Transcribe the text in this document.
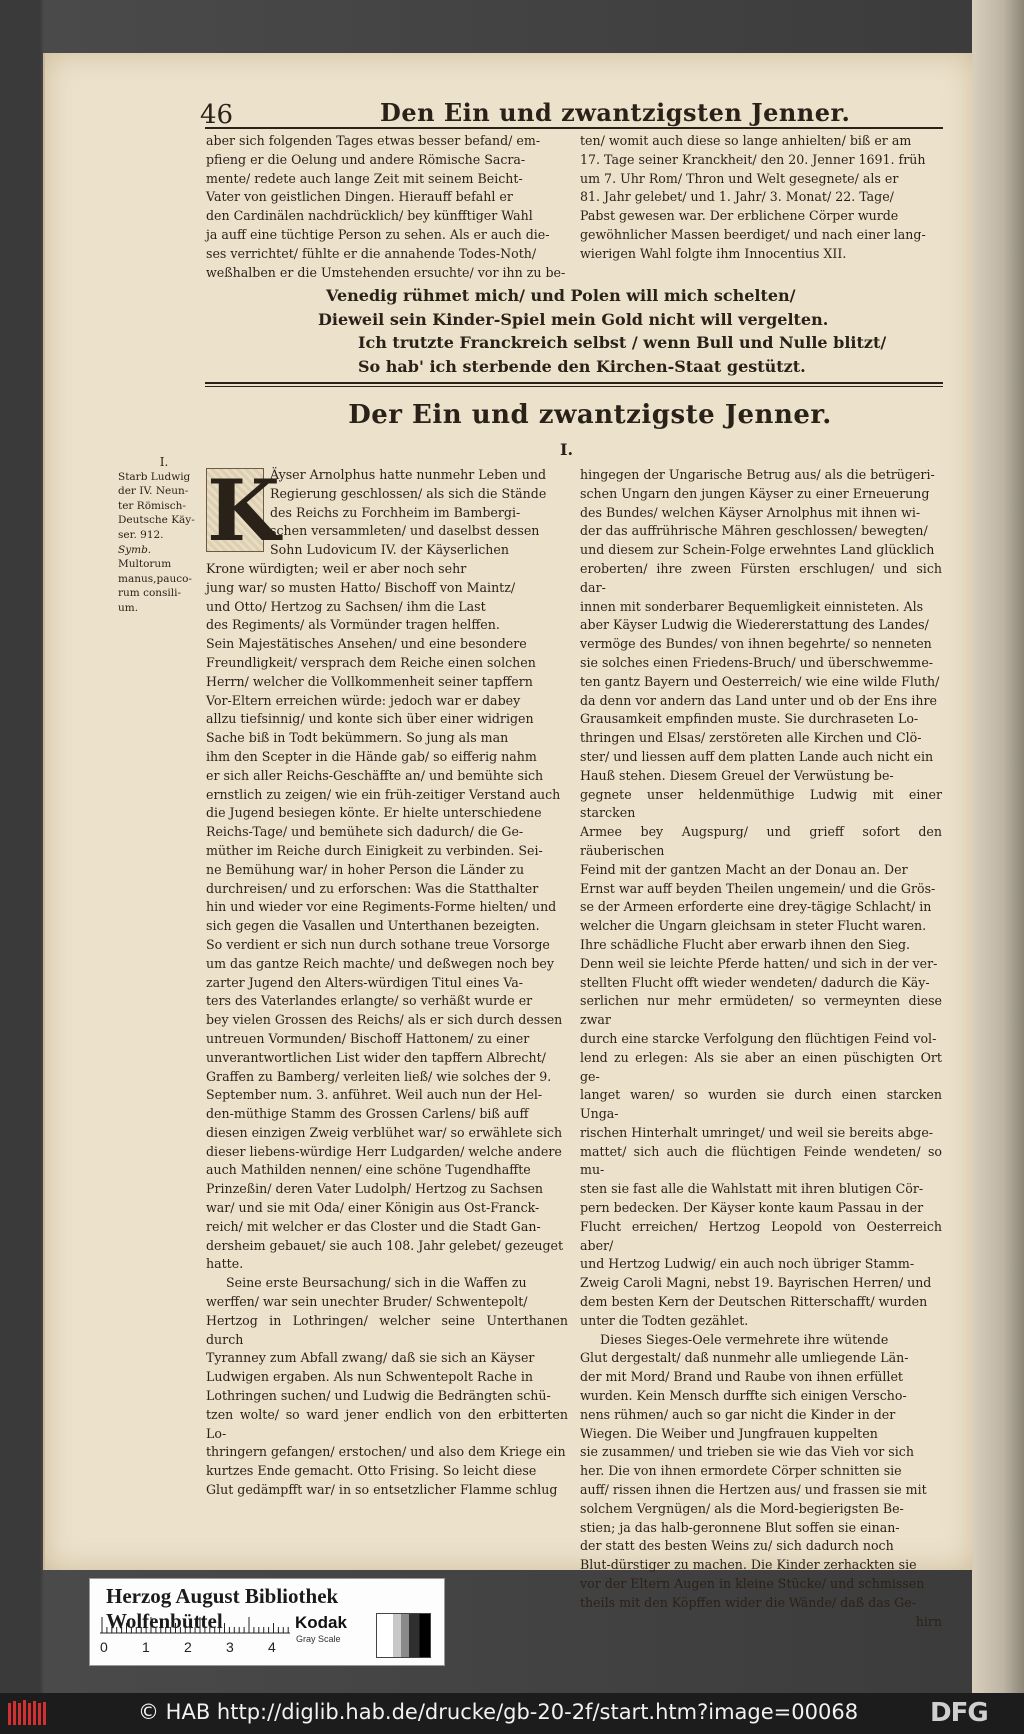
46	Den Ein und zwantzigsten Jenner.
aber sich folgenden Tages etwas besser befand/ em-
pfieng er die Oelung und andere Römische Sacra-
mente/ redete auch lange Zeit mit seinem Beicht-
Vater von geistlichen Dingen. Hierauff befahl er
den Cardinälen nachdrücklich/ bey künfftiger Wahl
ja auff eine tüchtige Person zu sehen. Als er auch die-
ses verrichtet/ fühlte er die annahende Todes-Noth/
weßhalben er die Umstehenden ersuchte/ vor ihn zu be-
ten/ womit auch diese so lange anhielten/ biß er am
17. Tage seiner Kranckheit/ den 20. Jenner 1691. früh
um 7. Uhr Rom/ Thron und Welt gesegnete/ als er
81. Jahr gelebet/ und 1. Jahr/ 3. Monat/ 22. Tage/
Pabst gewesen war. Der erblichene Cörper wurde
gewöhnlicher Massen beerdiget/ und nach einer lang-
wierigen Wahl folgte ihm Innocentius XII.
Venedig rühmet mich/ und Polen will mich schelten/
Dieweil sein Kinder-Spiel mein Gold nicht will vergelten.
Ich trutzte Franckreich selbst / wenn Bull und Nulle blitzt/
So hab' ich sterbende den Kirchen-Staat gestützt.
Der Ein und zwantzigste Jenner.
I.
I.
Starb Ludwig
der IV. Neun-
ter Römisch-
Deutsche Käy-
ser. 912.
Symb.
Multorum
manus,pauco-
rum consili-
um.
K
Äyser Arnolphus hatte nunmehr Leben und
Regierung geschlossen/ als sich die Stände
des Reichs zu Forchheim im Bambergi-
schen versammleten/ und daselbst dessen
Sohn Ludovicum IV. der Käyserlichen
Krone würdigten; weil er aber noch sehr
jung war/ so musten Hatto/ Bischoff von Maintz/
und Otto/ Hertzog zu Sachsen/ ihm die Last
des Regiments/ als Vormünder tragen helffen.
Sein Majestätisches Ansehen/ und eine besondere
Freundligkeit/ versprach dem Reiche einen solchen
Herrn/ welcher die Vollkommenheit seiner tapffern
Vor-Eltern erreichen würde: jedoch war er dabey
allzu tiefsinnig/ und konte sich über einer widrigen
Sache biß in Todt bekümmern. So jung als man
ihm den Scepter in die Hände gab/ so eifferig nahm
er sich aller Reichs-Geschäffte an/ und bemühte sich
ernstlich zu zeigen/ wie ein früh-zeitiger Verstand auch
die Jugend besiegen könte. Er hielte unterschiedene
Reichs-Tage/ und bemühete sich dadurch/ die Ge-
müther im Reiche durch Einigkeit zu verbinden. Sei-
ne Bemühung war/ in hoher Person die Länder zu
durchreisen/ und zu erforschen: Was die Statthalter
hin und wieder vor eine Regiments-Forme hielten/ und
sich gegen die Vasallen und Unterthanen bezeigten.
So verdient er sich nun durch sothane treue Vorsorge
um das gantze Reich machte/ und deßwegen noch bey
zarter Jugend den Alters-würdigen Titul eines Va-
ters des Vaterlandes erlangte/ so verhäßt wurde er
bey vielen Grossen des Reichs/ als er sich durch dessen
untreuen Vormunden/ Bischoff Hattonem/ zu einer
unverantwortlichen List wider den tapffern Albrecht/
Graffen zu Bamberg/ verleiten ließ/ wie solches der 9.
September num. 3. anführet. Weil auch nun der Hel-
den-müthige Stamm des Grossen Carlens/ biß auff
diesen einzigen Zweig verblühet war/ so erwählete sich
dieser liebens-würdige Herr Ludgarden/ welche andere
auch Mathilden nennen/ eine schöne Tugendhaffte
Prinzeßin/ deren Vater Ludolph/ Hertzog zu Sachsen
war/ und sie mit Oda/ einer Königin aus Ost-Franck-
reich/ mit welcher er das Closter und die Stadt Gan-
dersheim gebauet/ sie auch 108. Jahr gelebet/ gezeuget
hatte.
Seine erste Beursachung/ sich in die Waffen zu
werffen/ war sein unechter Bruder/ Schwentepolt/
Hertzog in Lothringen/ welcher seine Unterthanen durch
Tyranney zum Abfall zwang/ daß sie sich an Käyser
Ludwigen ergaben. Als nun Schwentepolt Rache in
Lothringen suchen/ und Ludwig die Bedrängten schü-
tzen wolte/ so ward jener endlich von den erbitterten Lo-
thringern gefangen/ erstochen/ und also dem Kriege ein
kurtzes Ende gemacht. Otto Frising. So leicht diese
Glut gedämpfft war/ in so entsetzlicher Flamme schlug
hingegen der Ungarische Betrug aus/ als die betrügeri-
schen Ungarn den jungen Käyser zu einer Erneuerung
des Bundes/ welchen Käyser Arnolphus mit ihnen wi-
der das auffrührische Mähren geschlossen/ bewegten/
und diesem zur Schein-Folge erwehntes Land glücklich
eroberten/ ihre zween Fürsten erschlugen/ und sich dar-
innen mit sonderbarer Bequemligkeit einnisteten. Als
aber Käyser Ludwig die Wiedererstattung des Landes/
vermöge des Bundes/ von ihnen begehrte/ so nenneten
sie solches einen Friedens-Bruch/ und überschwemme-
ten gantz Bayern und Oesterreich/ wie eine wilde Fluth/
da denn vor andern das Land unter und ob der Ens ihre
Grausamkeit empfinden muste. Sie durchraseten Lo-
thringen und Elsas/ zerstöreten alle Kirchen und Clö-
ster/ und liessen auff dem platten Lande auch nicht ein
Hauß stehen. Diesem Greuel der Verwüstung be-
gegnete unser heldenmüthige Ludwig mit einer starcken
Armee bey Augspurg/ und grieff sofort den räuberischen
Feind mit der gantzen Macht an der Donau an. Der
Ernst war auff beyden Theilen ungemein/ und die Grös-
se der Armeen erforderte eine drey-tägige Schlacht/ in
welcher die Ungarn gleichsam in steter Flucht waren.
Ihre schädliche Flucht aber erwarb ihnen den Sieg.
Denn weil sie leichte Pferde hatten/ und sich in der ver-
stellten Flucht offt wieder wendeten/ dadurch die Käy-
serlichen nur mehr ermüdeten/ so vermeynten diese zwar
durch eine starcke Verfolgung den flüchtigen Feind vol-
lend zu erlegen: Als sie aber an einen püschigten Ort ge-
langet waren/ so wurden sie durch einen starcken Unga-
rischen Hinterhalt umringet/ und weil sie bereits abge-
mattet/ sich auch die flüchtigen Feinde wendeten/ so mu-
sten sie fast alle die Wahlstatt mit ihren blutigen Cör-
pern bedecken. Der Käyser konte kaum Passau in der
Flucht erreichen/ Hertzog Leopold von Oesterreich aber/
und Hertzog Ludwig/ ein auch noch übriger Stamm-
Zweig Caroli Magni, nebst 19. Bayrischen Herren/ und
dem besten Kern der Deutschen Ritterschafft/ wurden
unter die Todten gezählet.
Dieses Sieges-Oele vermehrete ihre wütende
Glut dergestalt/ daß nunmehr alle umliegende Län-
der mit Mord/ Brand und Raube von ihnen erfüllet
wurden. Kein Mensch durffte sich einigen Verscho-
nens rühmen/ auch so gar nicht die Kinder in der
Wiegen. Die Weiber und Jungfrauen kuppelten
sie zusammen/ und trieben sie wie das Vieh vor sich
her. Die von ihnen ermordete Cörper schnitten sie
auff/ rissen ihnen die Hertzen aus/ und frassen sie mit
solchem Vergnügen/ als die Mord-begierigsten Be-
stien; ja das halb-geronnene Blut soffen sie einan-
der statt des besten Weins zu/ sich dadurch noch
Blut-dürstiger zu machen. Die Kinder zerhackten sie
vor der Eltern Augen in kleine Stücke/ und schmissen
theils mit den Köpffen wider die Wände/ daß das Ge-
hirn
Herzog August Bibliothek Wolfenbüttel
0 1 2 3 4
Kodak
Gray Scale
© HAB http://diglib.hab.de/drucke/gb-20-2f/start.htm?image=00068	DFG
